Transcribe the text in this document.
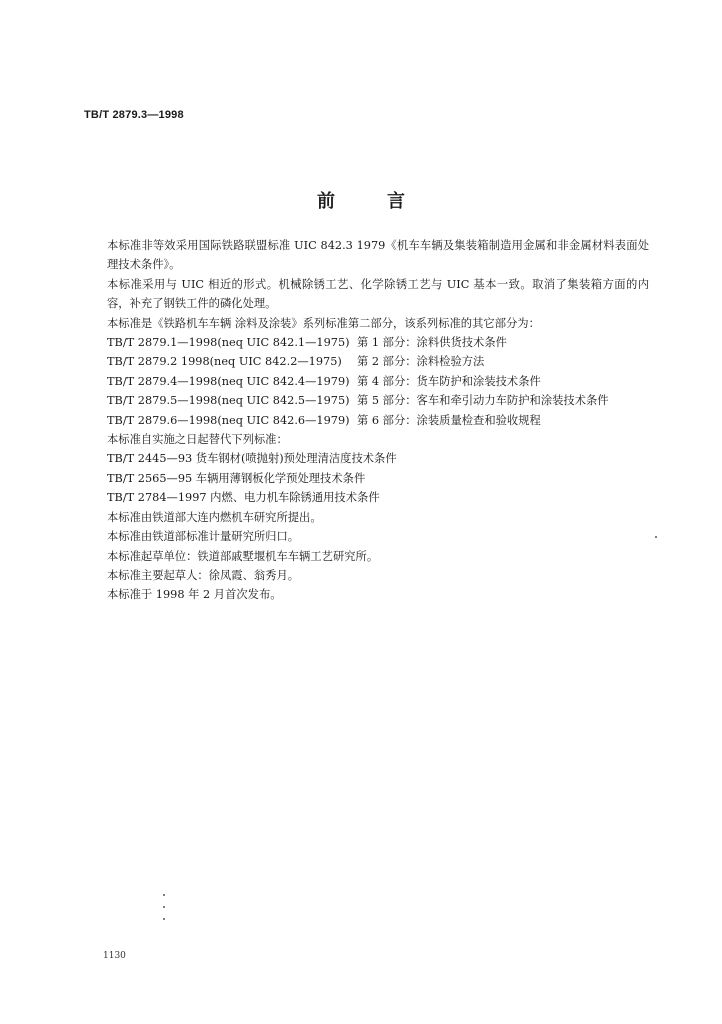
TB/T 2879.3—1998
前	言

本标准非等效采用国际铁路联盟标准 UIC 842.3 1979《机车车辆及集装箱制造用金属和非金属材料表面处理技术条件》。

本标准采用与 UIC 相近的形式。机械除锈工艺、化学除锈工艺与 UIC 基本一致。取消了集装箱方面的内容，补充了钢铁工件的磷化处理。

本标准是《铁路机车车辆 涂料及涂装》系列标准第二部分，该系列标准的其它部分为：

TB/T 2879.1—1998(neq UIC 842.1—1975) 第 1 部分：涂料供货技术条件
TB/T 2879.2 1998(neq UIC 842.2—1975)	第 2 部分：涂料检验方法
TB/T 2879.4—1998(neq UIC 842.4—1979) 第 4 部分：货车防护和涂装技术条件
TB/T 2879.5—1998(neq UIC 842.5—1975) 第 5 部分：客车和牵引动力车防护和涂装技术条件
TB/T 2879.6—1998(neq UIC 842.6—1979) 第 6 部分：涂装质量检查和验收规程

本标准自实施之日起替代下列标准：

TB/T 2445—93 货车钢材(喷抛射)预处理清洁度技术条件

TB/T 2565—95 车辆用薄钢板化学预处理技术条件

TB/T 2784—1997 内燃、电力机车除锈通用技术条件

本标准由铁道部大连内燃机车研究所提出。

本标准由铁道部标准计量研究所归口。

本标准起草单位：铁道部戚墅堰机车车辆工艺研究所。

本标准主要起草人：徐凤霞、翁秀月。

本标准于 1998 年 2 月首次发布。

1130
